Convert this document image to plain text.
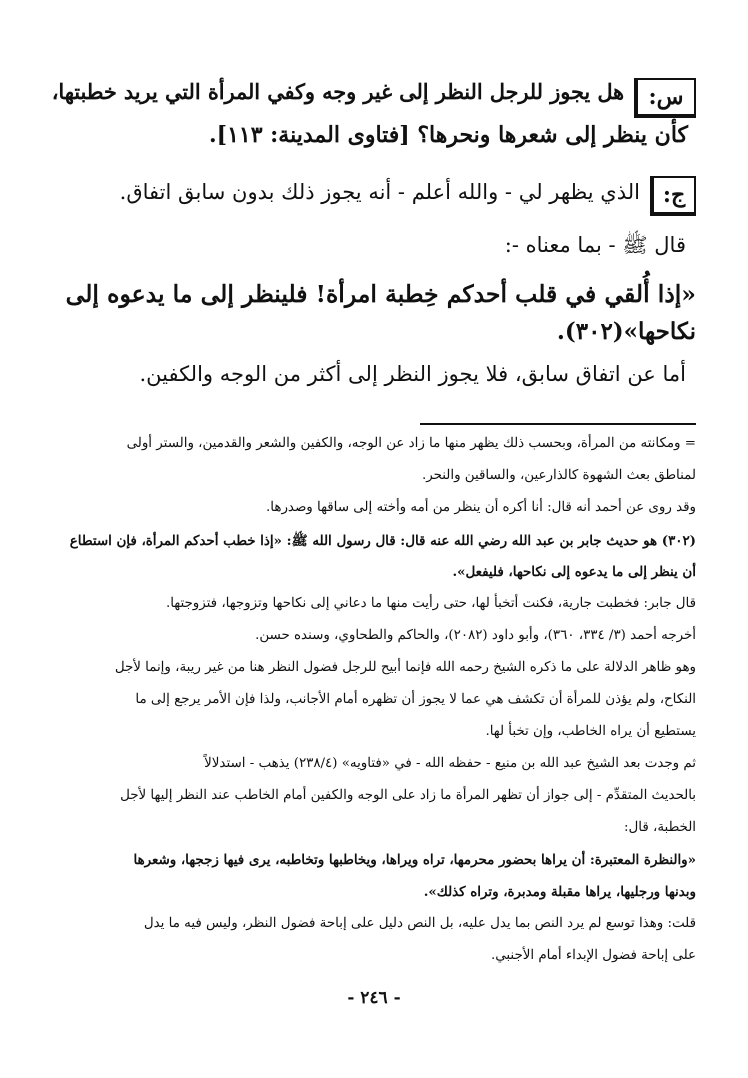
س:
هل يجوز للرجل النظر إلى غير وجه وكفي المرأة التي يريد خطبتها،
كأن ينظر إلى شعرها ونحرها؟ [فتاوى المدينة: ١١٣].
ج:
الذي يظهر لي - والله أعلم - أنه يجوز ذلك بدون سابق اتفاق.
قال ﷺ - بما معناه -:
«إذا أُلقي في قلب أحدكم خِطبة امرأة! فلينظر إلى ما يدعوه إلى
نكاحها»(٣٠٢).
أما عن اتفاق سابق، فلا يجوز النظر إلى أكثر من الوجه والكفين.
= ومكانته من المرأة، وبحسب ذلك يظهر منها ما زاد عن الوجه، والكفين والشعر والقدمين، والستر أولى
لمناطق بعث الشهوة كالذارعين، والساقين والنحر.
وقد روى عن أحمد أنه قال: أنا أكره أن ينظر من أمه وأخته إلى ساقها وصدرها.
(٣٠٢) هو حديث جابر بن عبد الله رضي الله عنه قال: قال رسول الله ﷺ: «إذا خطب أحدكم المرأة، فإن استطاع
أن ينظر إلى ما يدعوه إلى نكاحها، فليفعل».
قال جابر: فخطبت جارية، فكنت أتخبأ لها، حتى رأيت منها ما دعاني إلى نكاحها وتزوجها، فتزوجتها.
أخرجه أحمد (٣/ ٣٣٤، ٣٦٠)، وأبو داود (٢٠٨٢)، والحاكم والطحاوي، وسنده حسن.
وهو ظاهر الدلالة على ما ذكره الشيخ رحمه الله فإنما أبيح للرجل فضول النظر هنا من غير ريبة، وإنما لأجل
النكاح، ولم يؤذن للمرأة أن تكشف هي عما لا يجوز أن تظهره أمام الأجانب، ولذا فإن الأمر يرجع إلى ما
يستطيع أن يراه الخاطب، وإن تخبأ لها.
ثم وجدت بعد الشيخ عبد الله بن منيع - حفظه الله - في «فتاويه» (٢٣٨/٤) يذهب - استدلالاً
بالحديث المتقدِّم - إلى جواز أن تظهر المرأة ما زاد على الوجه والكفين أمام الخاطب عند النظر إليها لأجل
الخطبة، قال:
«والنظرة المعتبرة: أن يراها بحضور محرمها، تراه ويراها، ويخاطبها وتخاطبه، يرى فيها زججها، وشعرها
وبدنها ورجليها، يراها مقبلة ومدبرة، وتراه كذلك».
قلت: وهذا توسع لم يرد النص بما يدل عليه، بل النص دليل على إباحة فضول النظر، وليس فيه ما يدل
على إباحة فضول الإبداء أمام الأجنبي.
- ٢٤٦ -
